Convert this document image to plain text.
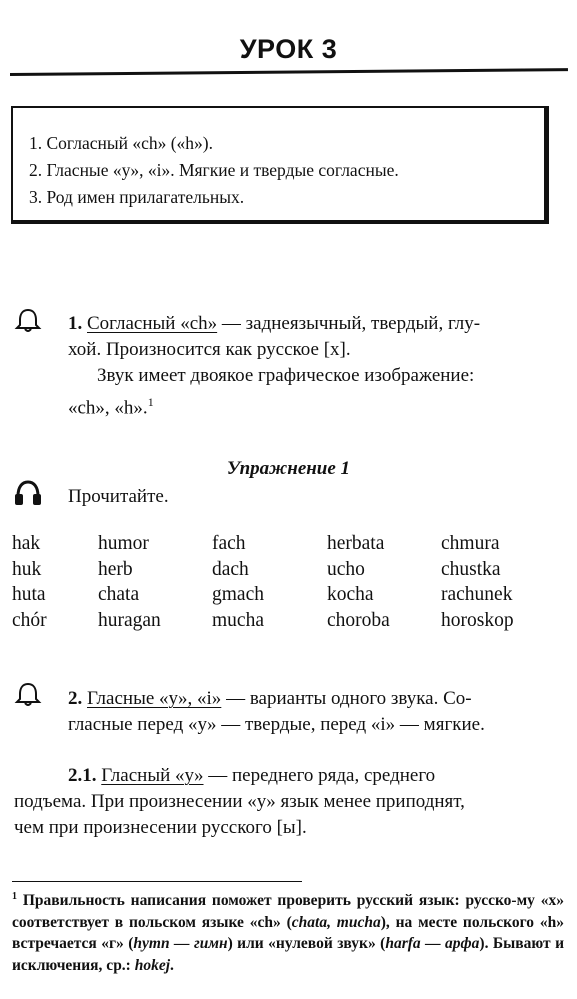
УРОК 3
1. Согласный «ch» («h»).
2. Гласные «y», «i». Мягкие и твердые согласные.
3. Род имен прилагательных.
1. Согласный «ch» — заднеязычный, твердый, глу-
хой. Произносится как русское [х].
Звук имеет двоякое графическое изображение:
«ch», «h».$^1$
Упражнение 1
Прочитайте.
hak	humor	fach	herbata	chmura
huk	herb	dach	ucho	chustka
huta	chata	gmach	kocha	rachunek
chór	huragan	mucha	choroba	horoskop
2. Гласные «y», «i» — варианты одного звука. Со-
гласные перед «y» — твердые, перед «i» — мягкие.
2.1. Гласный «y» — переднего ряда, среднего
подъема. При произнесении «y» язык менее приподнят,
чем при произнесении русского [ы].
$^1$ Правильность написания поможет проверить русский язык: русско-му «х» соответствует в польском языке «ch» (chata, mucha), на месте польского «h» встречается «г» (hymn — гимн) или «нулевой звук» (harfa — арфа). Бывают и исключения, ср.: hokej.
